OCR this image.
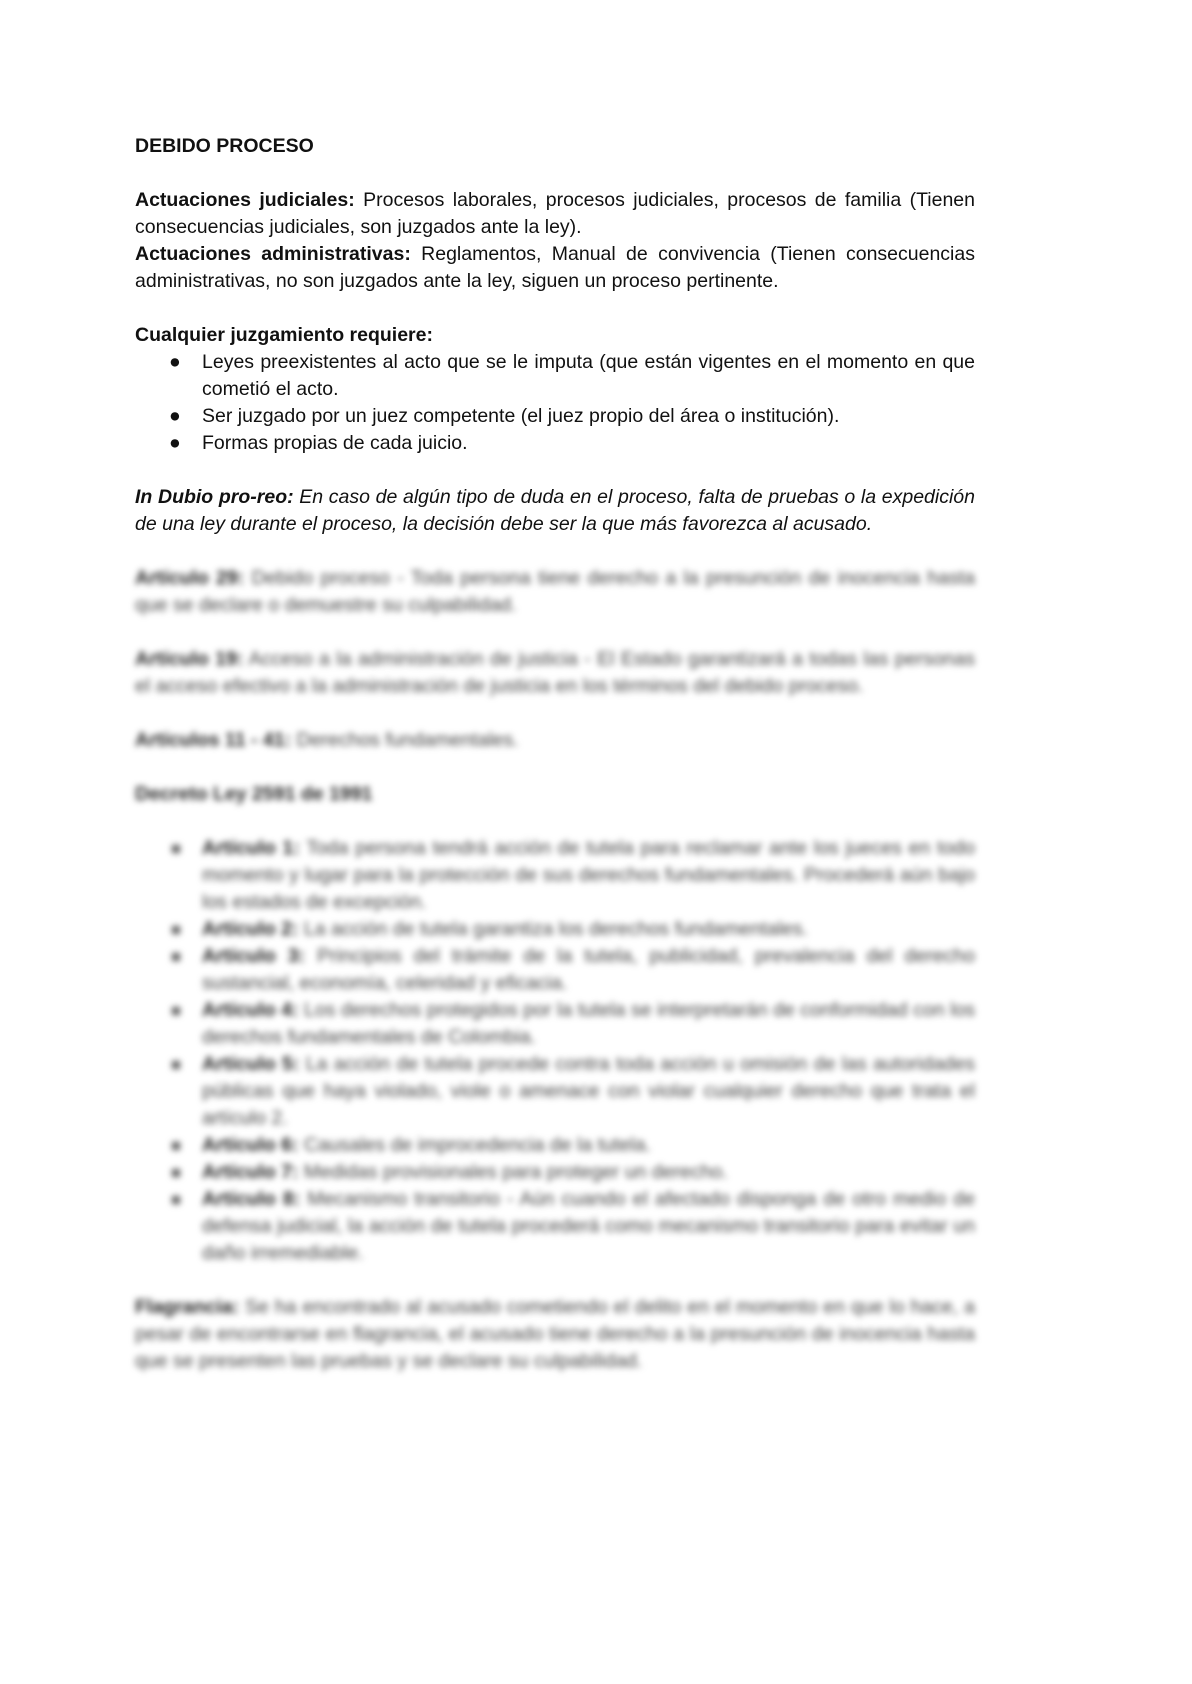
DEBIDO PROCESO

Actuaciones judiciales: Procesos laborales, procesos judiciales, procesos de familia (Tienen consecuencias judiciales, son juzgados ante la ley).

Actuaciones administrativas: Reglamentos, Manual de convivencia (Tienen consecuencias administrativas, no son juzgados ante la ley, siguen un proceso pertinente.

Cualquier juzgamiento requiere:

● Leyes preexistentes al acto que se le imputa (que están vigentes en el momento en que cometió el acto.
● Ser juzgado por un juez competente (el juez propio del área o institución).
● Formas propias de cada juicio.

In Dubio pro-reo: En caso de algún tipo de duda en el proceso, falta de pruebas o la expedición de una ley durante el proceso, la decisión debe ser la que más favorezca al acusado.

Artículo 29: Debido proceso - Toda persona tiene derecho a la presunción de inocencia hasta que se declare o demuestre su culpabilidad.

Artículo 19: Acceso a la administración de justicia - El Estado garantizará a todas las personas el acceso efectivo a la administración de justicia en los términos del debido proceso.

Artículos 11 - 41: Derechos fundamentales.

Decreto Ley 2591 de 1991

Artículo 1: Toda persona tendrá acción de tutela para reclamar ante los jueces en todo momento y lugar para la protección de sus derechos fundamentales. Procederá aún bajo los estados de excepción.
Artículo 2: La acción de tutela garantiza los derechos fundamentales.
Artículo 3: Principios del trámite de la tutela, publicidad, prevalencia del derecho sustancial, economía, celeridad y eficacia.
Artículo 4: Los derechos protegidos por la tutela se interpretarán de conformidad con los derechos fundamentales de Colombia.
Artículo 5: La acción de tutela procede contra toda acción u omisión de las autoridades públicas que haya violado, viole o amenace con violar cualquier derecho que trata el artículo 2.
Artículo 6: Causales de improcedencia de la tutela.
Artículo 7: Medidas provisionales para proteger un derecho.
Artículo 8: Mecanismo transitorio - Aún cuando el afectado disponga de otro medio de defensa judicial, la acción de tutela procederá como mecanismo transitorio para evitar un daño irremediable.

Flagrancia: Se ha encontrado al acusado cometiendo el delito en el momento en que lo hace, a pesar de encontrarse en flagrancia, el acusado tiene derecho a la presunción de inocencia hasta que se presenten las pruebas y se declare su culpabilidad.
